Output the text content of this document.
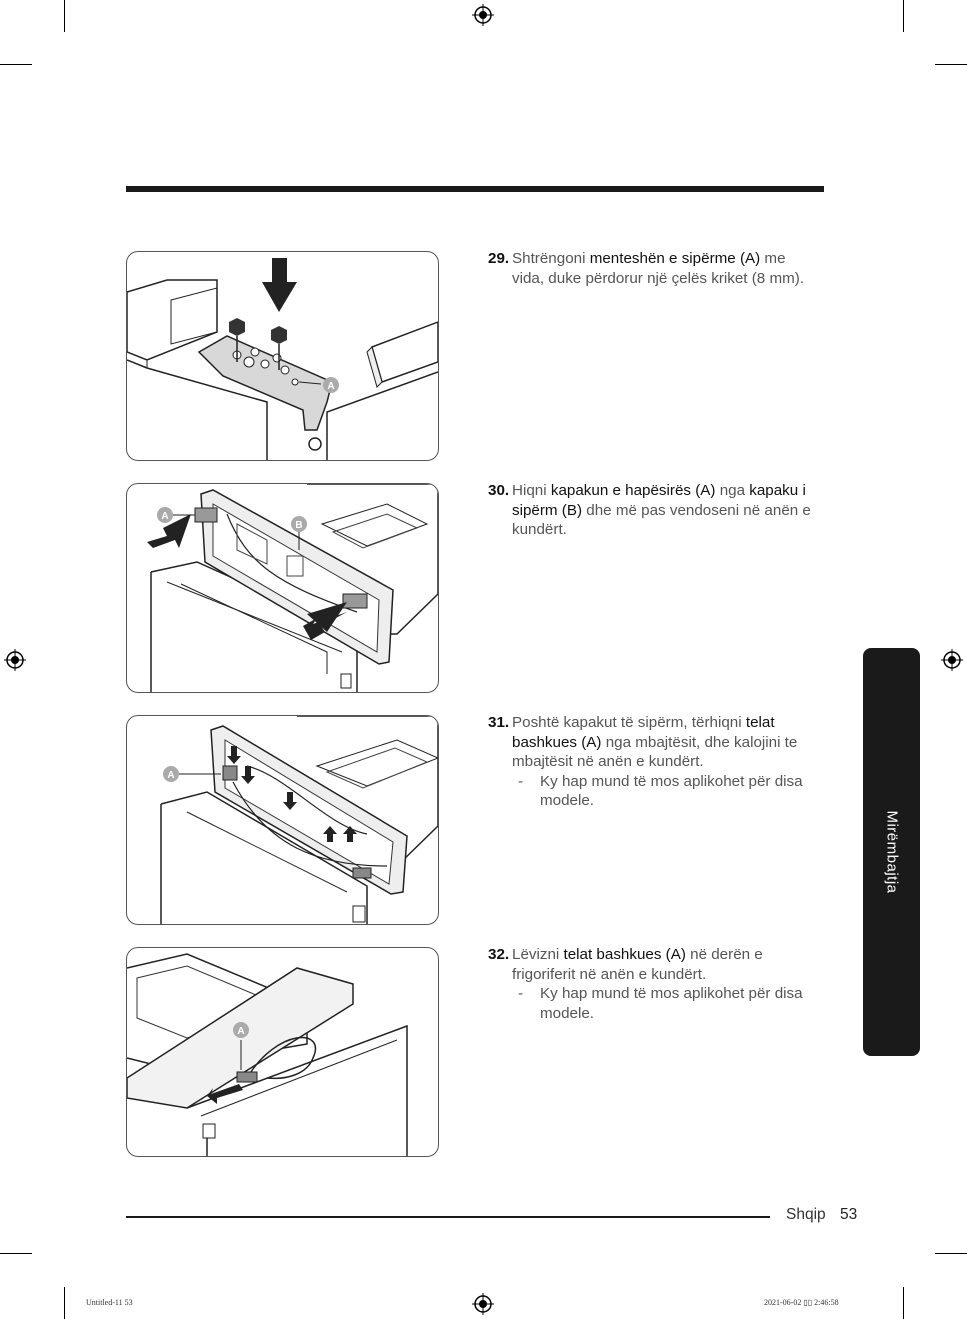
A
A
B
A
A
29. Shtrëngoni menteshën e sipërme (A) me vida, duke përdorur një çelës kriket (8 mm).
30. Hiqni kapakun e hapësirës (A) nga kapaku i sipërm (B) dhe më pas vendoseni në anën e kundërt.
31. Poshtë kapakut të sipërm, tërhiqni telat bashkues (A) nga mbajtësit, dhe kalojini te mbajtësit në anën e kundërt.
- Ky hap mund të mos aplikohet për disa modele.
32. Lëvizni telat bashkues (A) në derën e frigoriferit në anën e kundërt.
- Ky hap mund të mos aplikohet për disa modele.
Mirëmbajtja
Shqip 53
Untitled-11 53	2021-06-02 ▯▯ 2:46:58
